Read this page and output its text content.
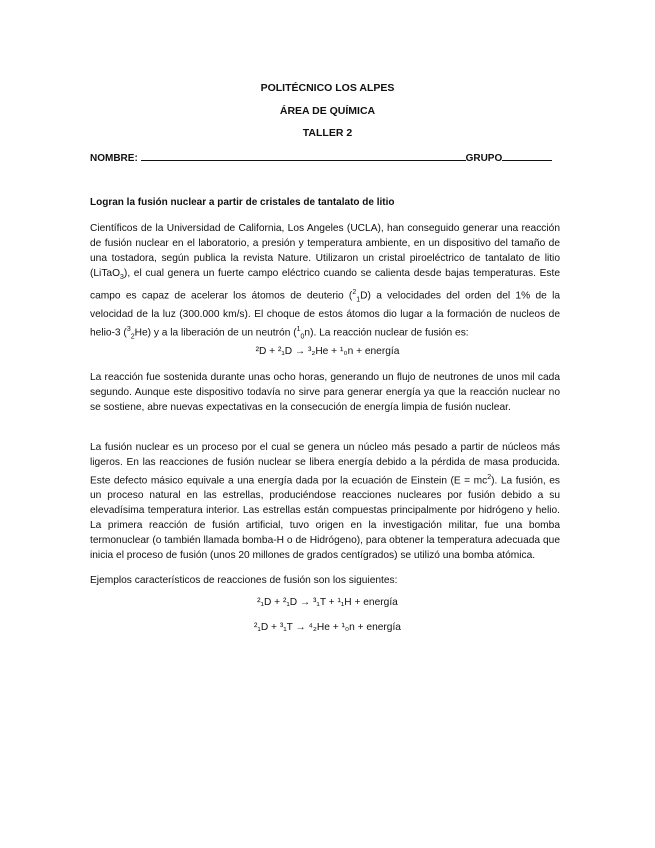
POLITÉCNICO LOS ALPES
ÁREA DE QUÍMICA
TALLER 2
NOMBRE:	GRUPO
Logran la fusión nuclear a partir de cristales de tantalato de litio
Científicos de la Universidad de California, Los Angeles (UCLA), han conseguido generar una reacción de fusión nuclear en el laboratorio, a presión y temperatura ambiente, en un dispositivo del tamaño de una tostadora, según publica la revista Nature. Utilizaron un cristal piroeléctrico de tantalato de litio (LiTaO$_3$), el cual genera un fuerte campo eléctrico cuando se calienta desde bajas temperaturas. Este campo es capaz de acelerar los átomos de deuterio ($^2_1$D) a velocidades del orden del 1% de la velocidad de la luz (300.000 km/s). El choque de estos átomos dio lugar a la formación de nucleos de helio-3 ($^3_2$He) y a la liberación de un neutrón ($^1_0$n). La reacción nuclear de fusión es:
²D + ²₁D → ³₂He + ¹₀n + energía
La reacción fue sostenida durante unas ocho horas, generando un flujo de neutrones de unos mil cada segundo. Aunque este dispositivo todavía no sirve para generar energía ya que la reacción nuclear no se sostiene, abre nuevas expectativas en la consecución de energía limpia de fusión nuclear.
La fusión nuclear es un proceso por el cual se genera un núcleo más pesado a partir de núcleos más ligeros. En las reacciones de fusión nuclear se libera energía debido a la pérdida de masa producida. Este defecto másico equivale a una energía dada por la ecuación de Einstein $(E = mc^2)$. La fusión, es un proceso natural en las estrellas, produciéndose reacciones nucleares por fusión debido a su elevadísima temperatura interior. Las estrellas están compuestas principalmente por hidrógeno y helio. La primera reacción de fusión artificial, tuvo origen en la investigación militar, fue una bomba termonuclear (o también llamada bomba-H o de Hidrógeno), para obtener la temperatura adecuada que inicia el proceso de fusión (unos 20 millones de grados centígrados) se utilizó una bomba atómica.
Ejemplos característicos de reacciones de fusión son los siguientes:
²₁D + ²₁D → ³₁T + ¹₁H + energía
²₁D + ³₁T → ⁴₂He + ¹₀n + energía
